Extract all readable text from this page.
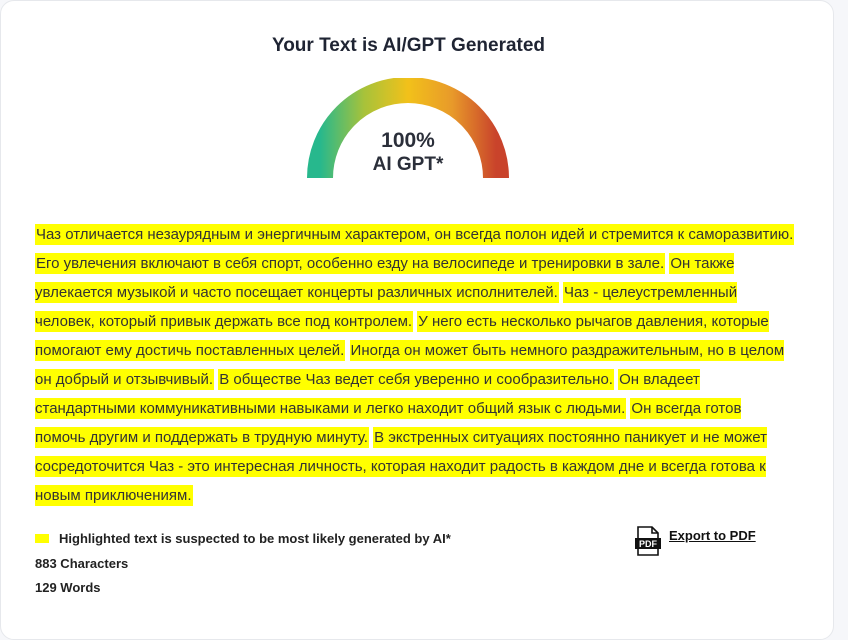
Your Text is AI/GPT Generated
100%
AI GPT*
Чаз отличается незаурядным и энергичным характером, он всегда полон идей и стремится к саморазвитию. Его увлечения включают в себя спорт, особенно езду на велосипеде и тренировки в зале. Он также увлекается музыкой и часто посещает концерты различных исполнителей. Чаз - целеустремленный человек, который привык держать все под контролем. У него есть несколько рычагов давления, которые помогают ему достичь поставленных целей. Иногда он может быть немного раздражительным, но в целом он добрый и отзывчивый. В обществе Чаз ведет себя уверенно и сообразительно. Он владеет стандартными коммуникативными навыками и легко находит общий язык с людьми. Он всегда готов помочь другим и поддержать в трудную минуту. В экстренных ситуациях постоянно паникует и не может сосредоточится Чаз - это интересная личность, которая находит радость в каждом дне и всегда готова к новым приключениям.
Highlighted text is suspected to be most likely generated by AI*
883 Characters
129 Words
PDF
Export to PDF
